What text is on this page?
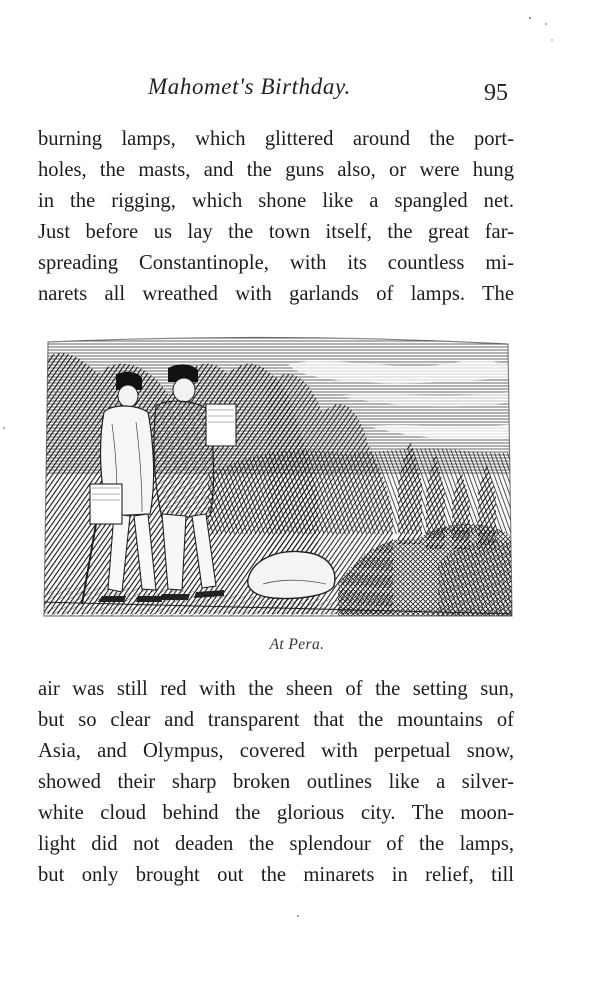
Mahomet's Birthday.	95
burning lamps, which glittered around the port-
holes, the masts, and the guns also, or were hung
in the rigging, which shone like a spangled net.
Just before us lay the town itself, the great far-
spreading Constantinople, with its countless mi-
narets all wreathed with garlands of lamps. The
At Pera.
air was still red with the sheen of the setting sun,
but so clear and transparent that the mountains of
Asia, and Olympus, covered with perpetual snow,
showed their sharp broken outlines like a silver-
white cloud behind the glorious city. The moon-
light did not deaden the splendour of the lamps,
but only brought out the minarets in relief, till
